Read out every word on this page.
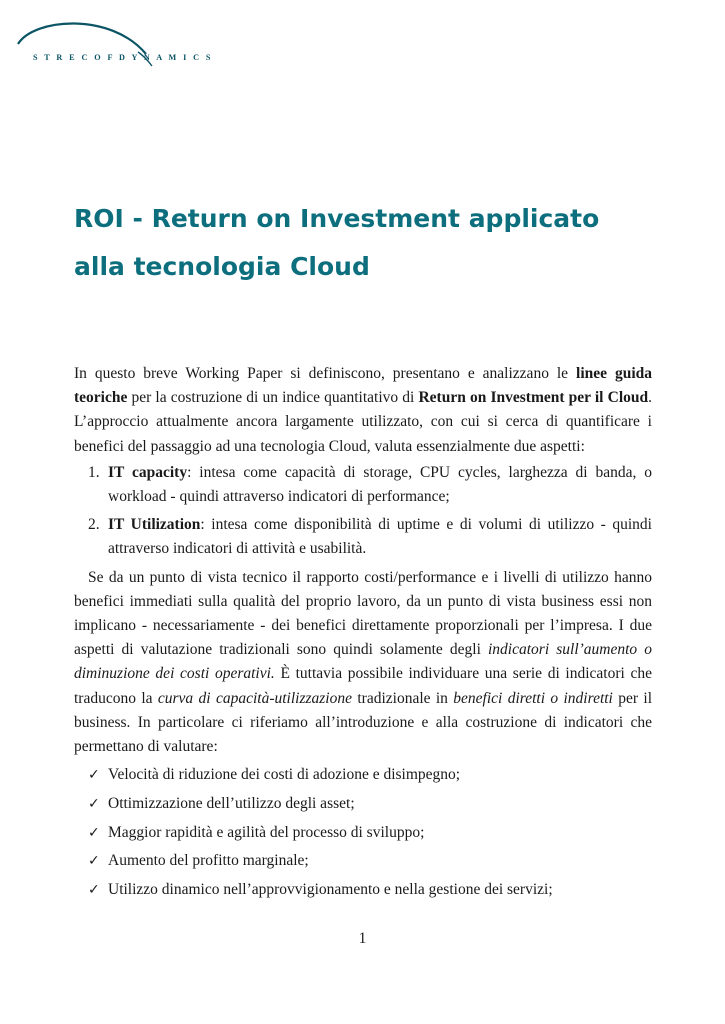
S T R E C O F D Y N A M I C S
ROI - Return on Investment applicato
alla tecnologia Cloud

In questo breve Working Paper si definiscono, presentano e analizzano le linee guida teoriche per la costruzione di un indice quantitativo di Return on Investment per il Cloud. L’approccio attualmente ancora largamente utilizzato, con cui si cerca di quantificare i benefici del passaggio ad una tecnologia Cloud, valuta essenzialmente due aspetti:

1. IT capacity: intesa come capacità di storage, CPU cycles, larghezza di banda, o workload - quindi attraverso indicatori di performance;
2. IT Utilization: intesa come disponibilità di uptime e di volumi di utilizzo - quindi attraverso indicatori di attività e usabilità.

Se da un punto di vista tecnico il rapporto costi/performance e i livelli di utilizzo hanno benefici immediati sulla qualità del proprio lavoro, da un punto di vista business essi non implicano - necessariamente - dei benefici direttamente proporzionali per l’impresa. I due aspetti di valutazione tradizionali sono quindi solamente degli indicatori sull’aumento o diminuzione dei costi operativi. È tuttavia possibile individuare una serie di indicatori che traducono la curva di capacità-utilizzazione tradizionale in benefici diretti o indiretti per il business. In particolare ci riferiamo all’introduzione e alla costruzione di indicatori che permettano di valutare:

✓ Velocità di riduzione dei costi di adozione e disimpegno;
✓ Ottimizzazione dell’utilizzo degli asset;
✓ Maggior rapidità e agilità del processo di sviluppo;
✓ Aumento del profitto marginale;
✓ Utilizzo dinamico nell’approvvigionamento e nella gestione dei servizi;
1
